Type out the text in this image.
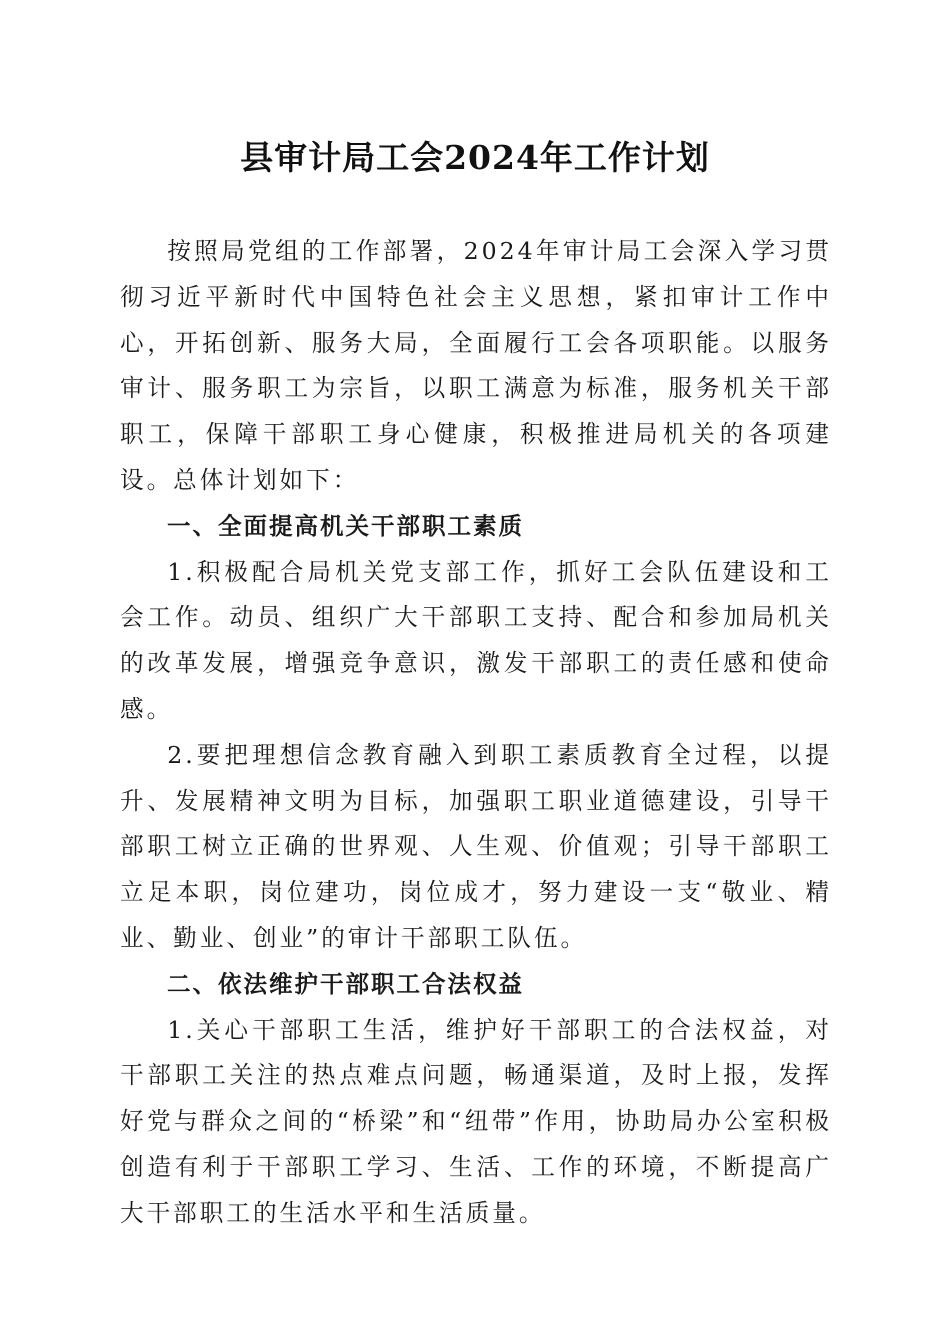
县审计局工会2024年工作计划

按照局党组的工作部署，2024年审计局工会深入学习贯彻习近平新时代中国特色社会主义思想，紧扣审计工作中心，开拓创新、服务大局，全面履行工会各项职能。以服务审计、服务职工为宗旨，以职工满意为标准，服务机关干部职工，保障干部职工身心健康，积极推进局机关的各项建设。总体计划如下：

一、全面提高机关干部职工素质

1.积极配合局机关党支部工作，抓好工会队伍建设和工会工作。动员、组织广大干部职工支持、配合和参加局机关的改革发展，增强竞争意识，激发干部职工的责任感和使命感。

2.要把理想信念教育融入到职工素质教育全过程，以提升、发展精神文明为目标，加强职工职业道德建设，引导干部职工树立正确的世界观、人生观、价值观；引导干部职工立足本职，岗位建功，岗位成才，努力建设一支“敬业、精业、勤业、创业”的审计干部职工队伍。

二、依法维护干部职工合法权益

1.关心干部职工生活，维护好干部职工的合法权益，对干部职工关注的热点难点问题，畅通渠道，及时上报，发挥好党与群众之间的“桥梁”和“纽带”作用，协助局办公室积极创造有利于干部职工学习、生活、工作的环境，不断提高广大干部职工的生活水平和生活质量。
